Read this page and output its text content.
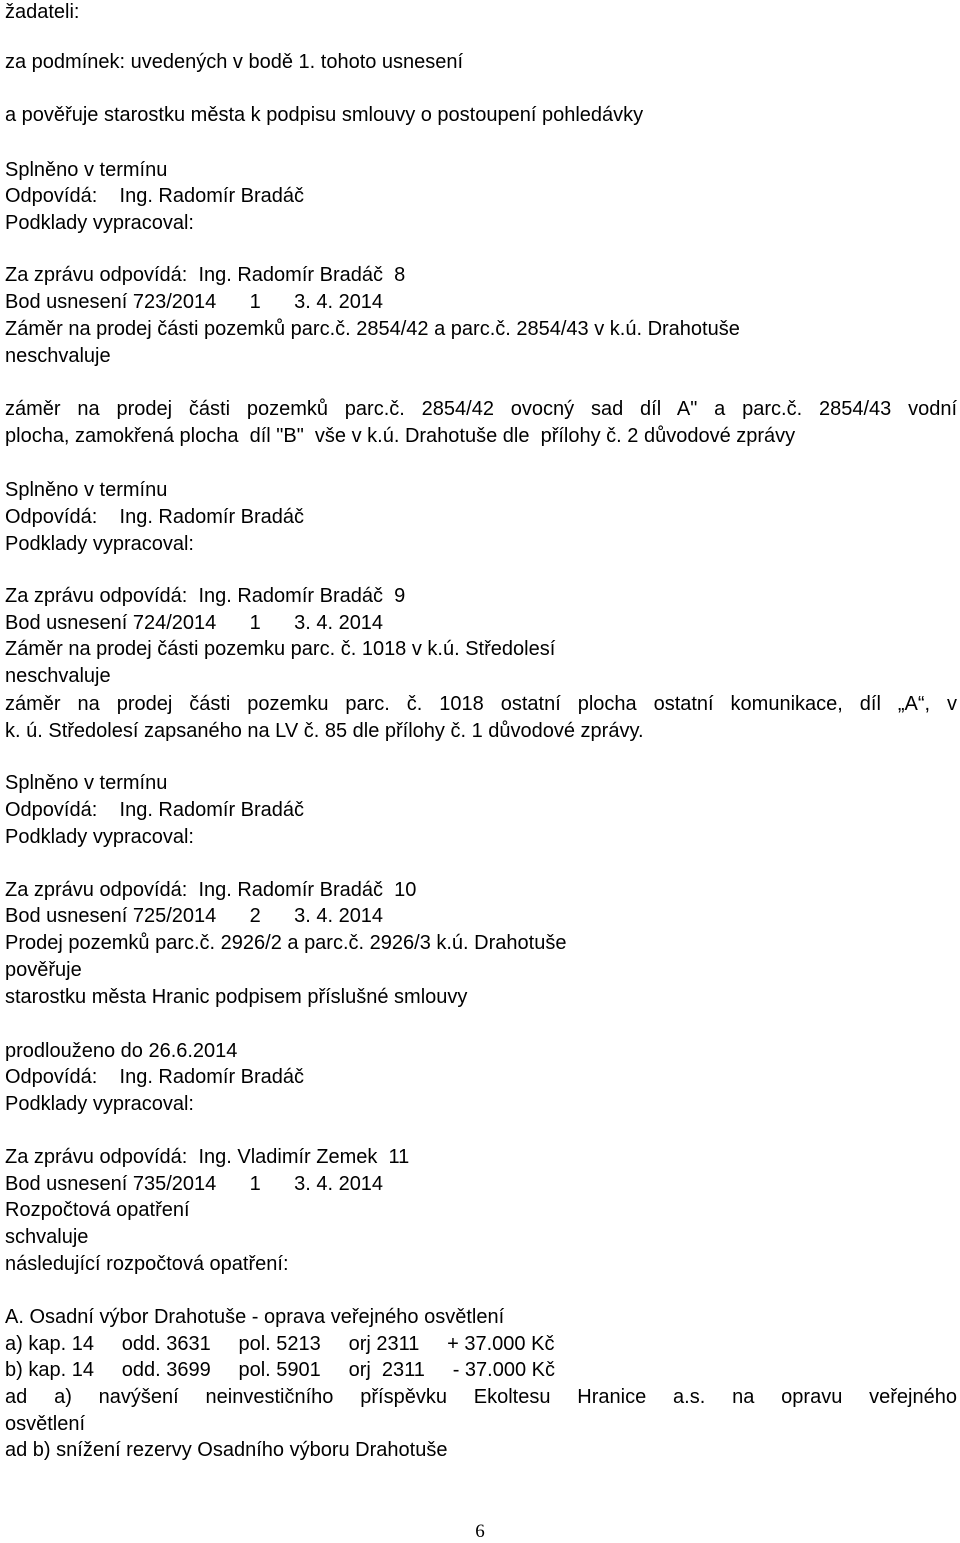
žadateli:
za podmínek: uvedených v bodě 1. tohoto usnesení
a pověřuje starostku města k podpisu smlouvy o postoupení pohledávky
Splněno v termínu
Odpovídá:    Ing. Radomír Bradáč
Podklady vypracoval:
Za zprávu odpovídá:  Ing. Radomír Bradáč  8
Bod usnesení 723/2014      1      3. 4. 2014
Záměr na prodej části pozemků parc.č. 2854/42 a parc.č. 2854/43 v k.ú. Drahotuše
neschvaluje
záměr na prodej části pozemků parc.č. 2854/42 ovocný sad díl A" a parc.č. 2854/43 vodní
plocha, zamokřená plocha  díl "B"  vše v k.ú. Drahotuše dle  přílohy č. 2 důvodové zprávy
Splněno v termínu
Odpovídá:    Ing. Radomír Bradáč
Podklady vypracoval:
Za zprávu odpovídá:  Ing. Radomír Bradáč  9
Bod usnesení 724/2014      1      3. 4. 2014
Záměr na prodej části pozemku parc. č. 1018 v k.ú. Středolesí
neschvaluje
záměr na prodej části pozemku parc. č. 1018 ostatní plocha ostatní komunikace, díl „A“, v
k. ú. Středolesí zapsaného na LV č. 85 dle přílohy č. 1 důvodové zprávy.
Splněno v termínu
Odpovídá:    Ing. Radomír Bradáč
Podklady vypracoval:
Za zprávu odpovídá:  Ing. Radomír Bradáč  10
Bod usnesení 725/2014      2      3. 4. 2014
Prodej pozemků parc.č. 2926/2 a parc.č. 2926/3 k.ú. Drahotuše
pověřuje
starostku města Hranic podpisem příslušné smlouvy
prodlouženo do 26.6.2014
Odpovídá:    Ing. Radomír Bradáč
Podklady vypracoval:
Za zprávu odpovídá:  Ing. Vladimír Zemek  11
Bod usnesení 735/2014      1      3. 4. 2014
Rozpočtová opatření
schvaluje
následující rozpočtová opatření:
A. Osadní výbor Drahotuše - oprava veřejného osvětlení
a) kap. 14     odd. 3631     pol. 5213     orj 2311     + 37.000 Kč
b) kap. 14     odd. 3699     pol. 5901     orj  2311     - 37.000 Kč
ad a) navýšení neinvestičního příspěvku Ekoltesu Hranice a.s. na opravu veřejného
osvětlení
ad b) snížení rezervy Osadního výboru Drahotuše
6
